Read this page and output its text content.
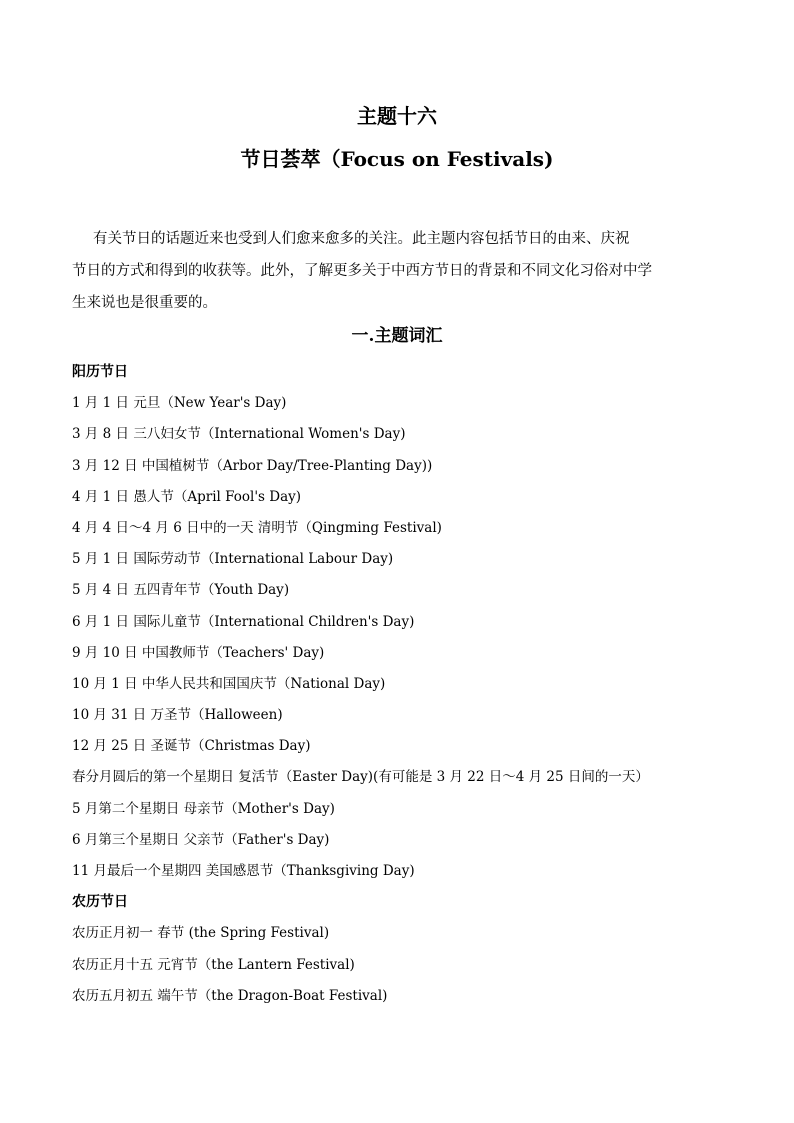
主题十六
节日荟萃（Focus on Festivals)
有关节日的话题近来也受到人们愈来愈多的关注。此主题内容包括节日的由来、庆祝
节日的方式和得到的收获等。此外，了解更多关于中西方节日的背景和不同文化习俗对中学
生来说也是很重要的。
一.主题词汇
阳历节日
1 月 1 日 元旦（New Year's Day)
3 月 8 日 三八妇女节（International Women's Day)
3 月 12 日 中国植树节（Arbor Day/Tree-Planting Day))
4 月 1 日 愚人节（April Fool's Day)
4 月 4 日～4 月 6 日中的一天 清明节（Qingming Festival)
5 月 1 日 国际劳动节（International Labour Day)
5 月 4 日 五四青年节（Youth Day)
6 月 1 日 国际儿童节（International Children's Day)
9 月 10 日 中国教师节（Teachers' Day)
10 月 1 日 中华人民共和国国庆节（National Day)
10 月 31 日 万圣节（Halloween)
12 月 25 日 圣诞节（Christmas Day)
春分月圆后的第一个星期日 复活节（Easter Day)(有可能是 3 月 22 日～4 月 25 日间的一天）
5 月第二个星期日 母亲节（Mother's Day)
6 月第三个星期日 父亲节（Father's Day)
11 月最后一个星期四 美国感恩节（Thanksgiving Day)
农历节日
农历正月初一 春节 (the Spring Festival)
农历正月十五 元宵节（the Lantern Festival)
农历五月初五 端午节（the Dragon-Boat Festival)
